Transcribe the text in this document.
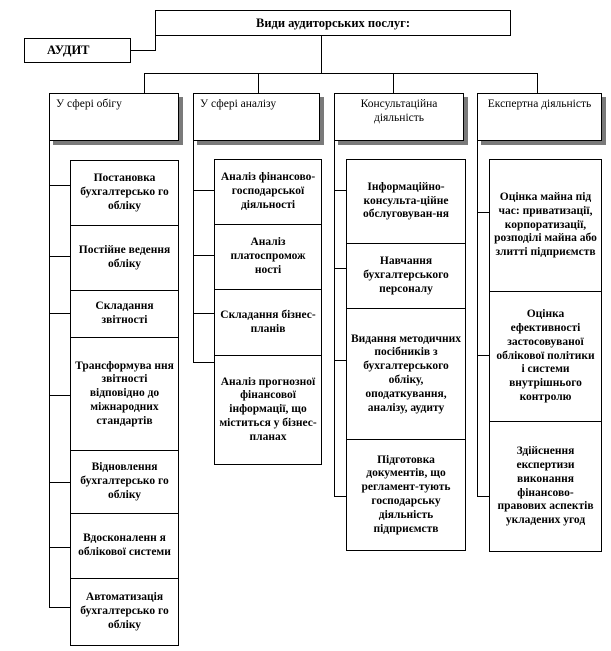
Види аудиторських послуг:
АУДИТ
У сфері обігу	У сфері аналізу	Консультаційна діяльність
Експертна діяльність
Постановка бухгалтерсько го обліку
Постійне ведення обліку
Складання звітності
Трансформува ння звітності відповідно до міжнародних стандартів
Відновлення бухгалтерсько го обліку
Вдосконаленн я облікової системи
Автоматизація бухгалтерсько го обліку
Аналіз фінансово-господарської діяльності
Аналіз платоспромож ності
Складання бізнес-планів
Аналіз прогнозної фінансової інформації, що міститься у бізнес-планах
Інформаційно-консульта-ційне обслуговуван-ня
Навчання бухгалтерського персоналу
Видання методичних посібників з бухгалтерського обліку, оподаткування, аналізу, аудиту
Підготовка документів, що регламент-тують господарську діяльність підприємств
Оцінка майна під час: приватизації, корпоратизації, розподілі майна або злитті підприємств
Оцінка ефективності застосовуваної облікової політики і системи внутрішнього контролю
Здійснення експертизи виконання фінансово-правових аспектів укладених угод
